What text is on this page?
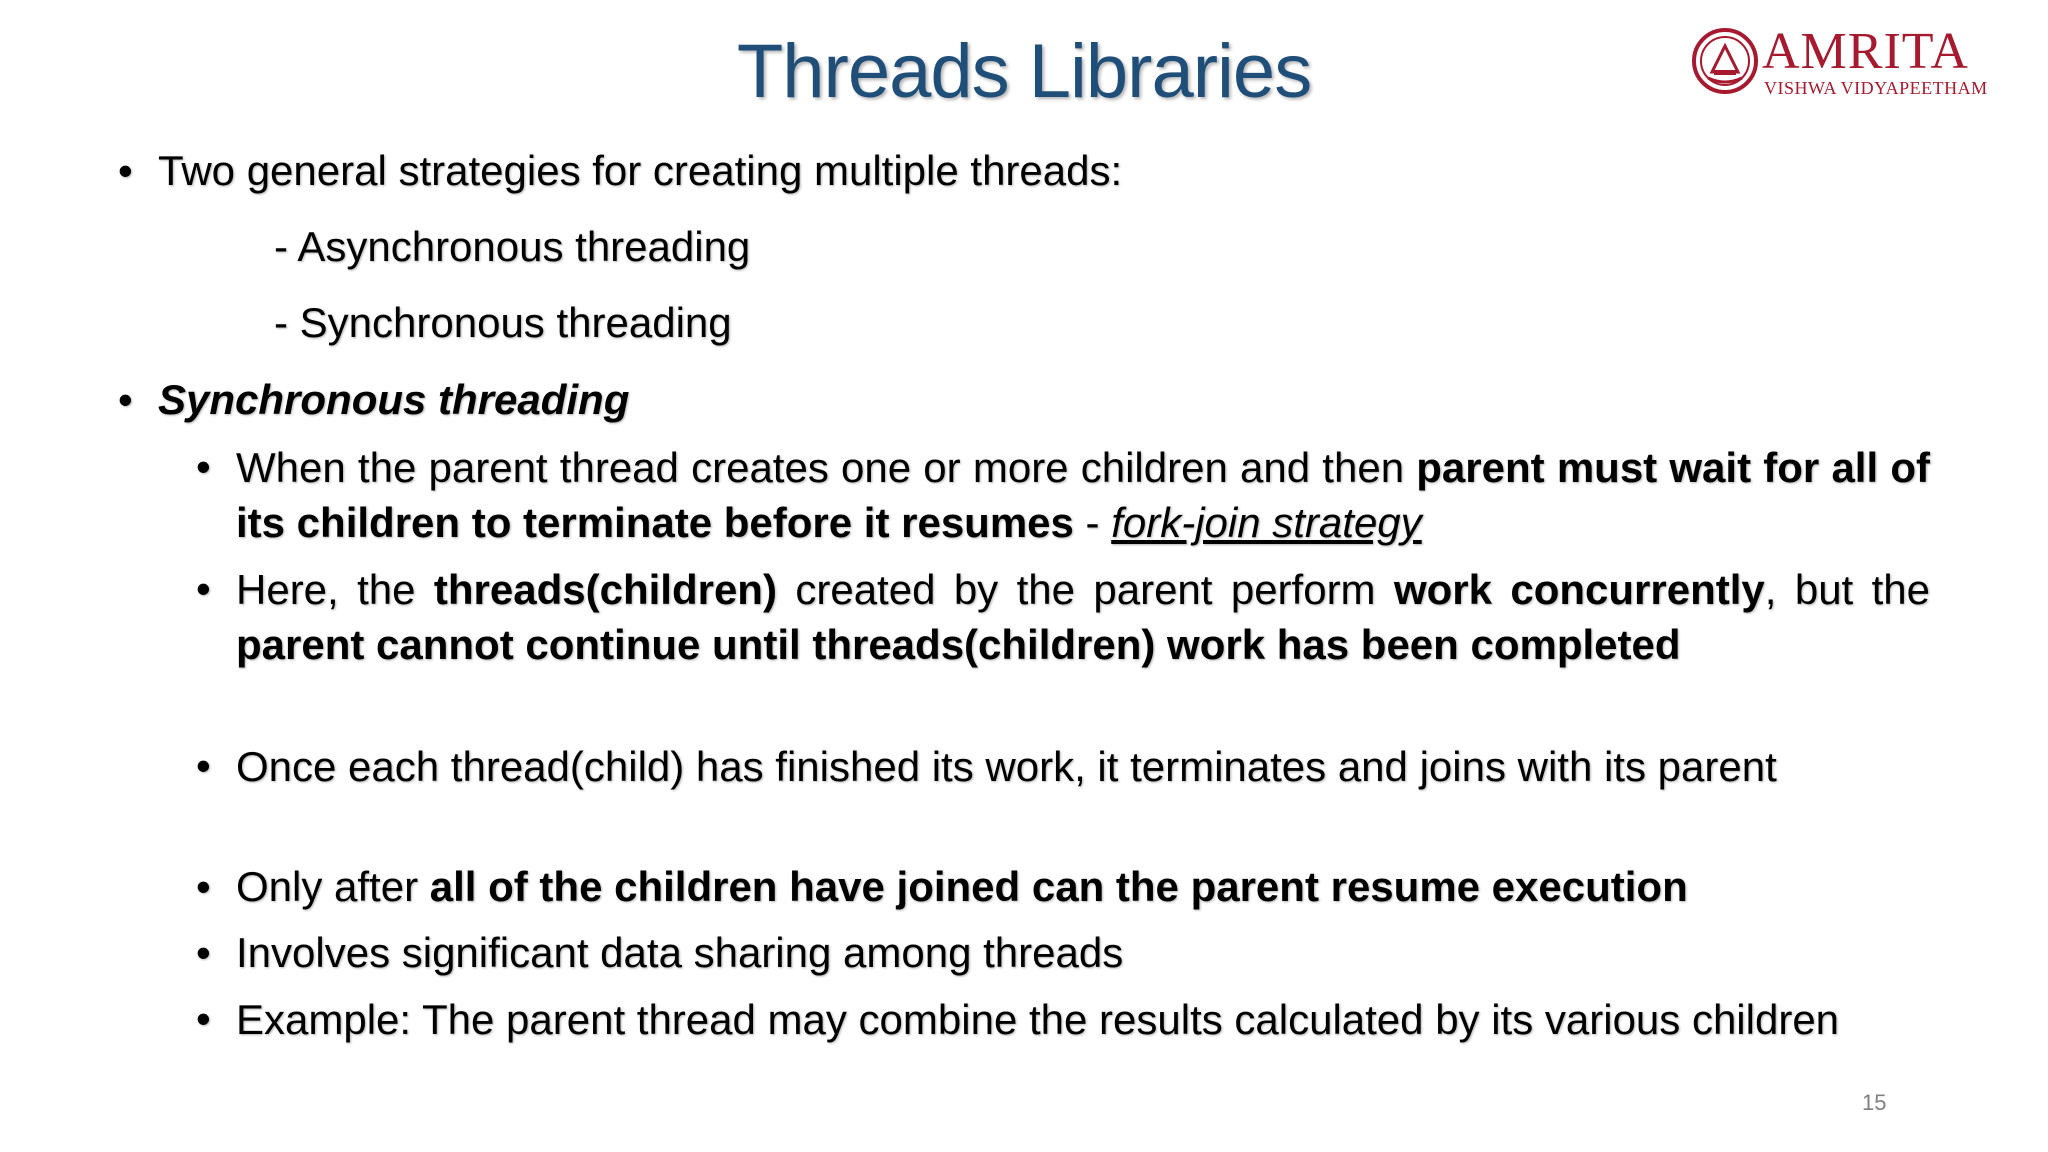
Threads Libraries	AMRITA
VISHWA VIDYAPEETHAM
• Two general strategies for creating multiple threads:
- Asynchronous threading
- Synchronous threading
• Synchronous threading
• When the parent thread creates one or more children and then parent must wait for all of its children to terminate before it resumes - fork-join strategy
• Here, the threads(children) created by the parent perform work concurrently, but the parent cannot continue until threads(children) work has been completed
• Once each thread(child) has finished its work, it terminates and joins with its parent
• Only after all of the children have joined can the parent resume execution
• Involves significant data sharing among threads
• Example: The parent thread may combine the results calculated by its various children
15
